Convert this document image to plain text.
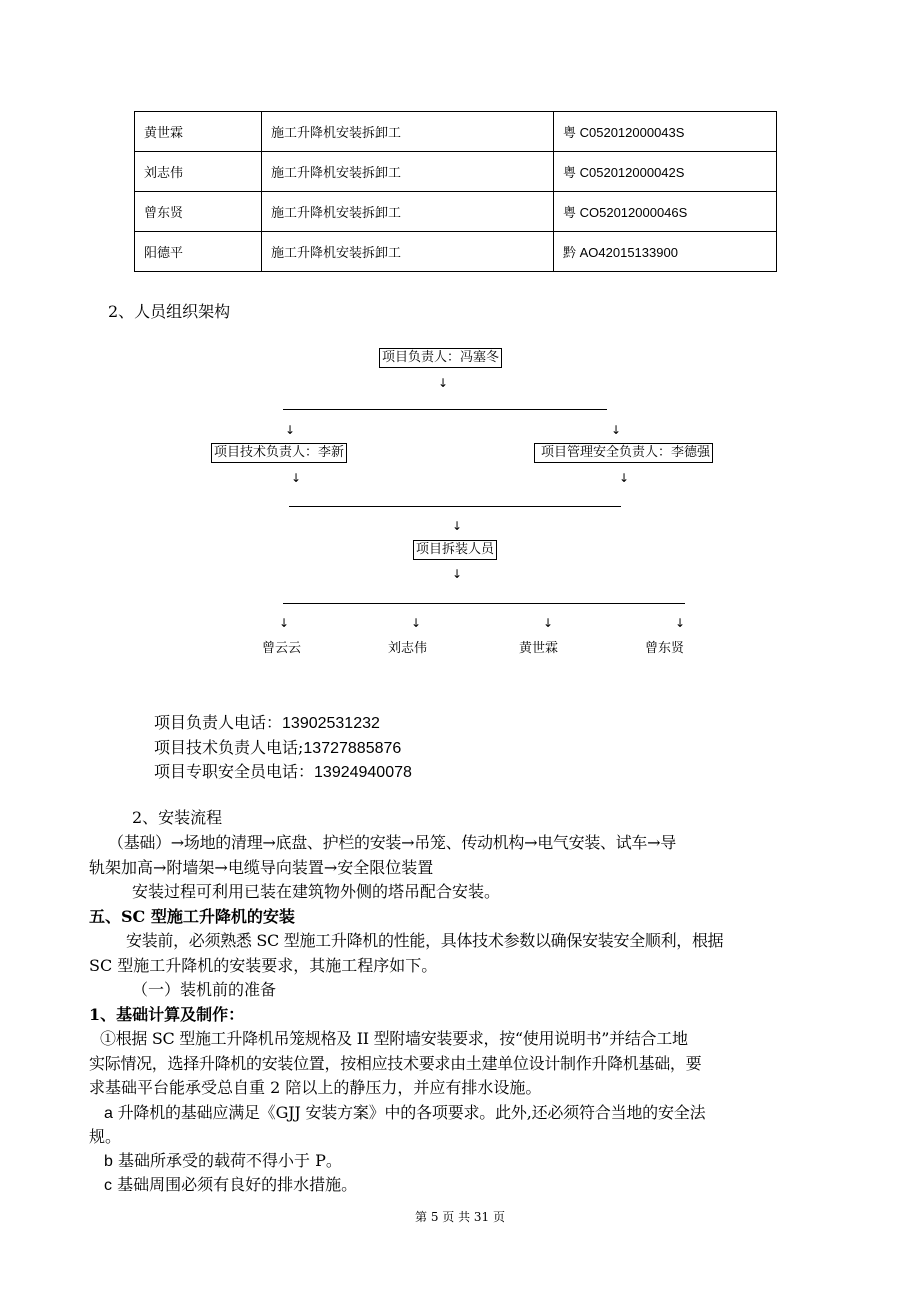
黄世霖	施工升降机安装拆卸工	粤 C052012000043S
刘志伟	施工升降机安装拆卸工	粤 C052012000042S
曾东贤	施工升降机安装拆卸工	粤 CO52012000046S
阳德平	施工升降机安装拆卸工	黔 AO42015133900
2、人员组织架构
项目负责人：冯塞冬
↓
↓	↓
项目技术负责人：李新	项目管理安全负责人：李德强
↓	↓
↓
项目拆装人员
↓
↓	↓	↓	↓
曾云云	刘志伟	黄世霖	曾东贤
项目负责人电话：13902531232
项目技术负责人电话;13727885876
项目专职安全员电话：13924940078
2、安装流程
（基础）→场地的清理→底盘、护栏的安装→吊笼、传动机构→电气安装、试车→导
轨架加高→附墙架→电缆导向装置→安全限位装置
安装过程可利用已装在建筑物外侧的塔吊配合安装。
五、SC 型施工升降机的安装
安装前，必须熟悉 SC 型施工升降机的性能，具体技术参数以确保安装安全顺利，根据
SC 型施工升降机的安装要求，其施工程序如下。
（一）装机前的准备
1、基础计算及制作：
①根据 SC 型施工升降机吊笼规格及 II 型附墙安装要求，按“使用说明书”并结合工地
实际情况，选择升降机的安装位置，按相应技术要求由土建单位设计制作升降机基础，要
求基础平台能承受总自重 2 陪以上的静压力，并应有排水设施。
a 升降机的基础应满足《GJJ 安装方案》中的各项要求。此外,还必须符合当地的安全法
规。
b 基础所承受的载荷不得小于 P。
c 基础周围必须有良好的排水措施。
第 5 页 共 31 页
